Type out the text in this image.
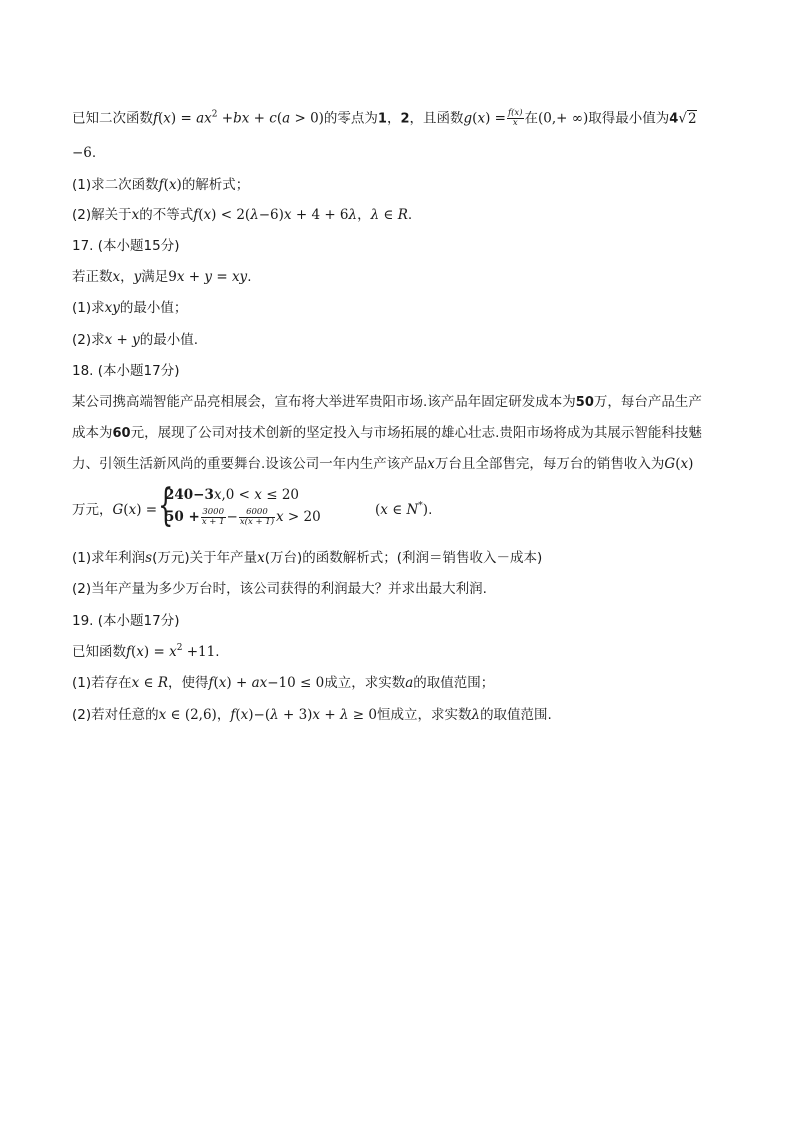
已知二次函数$f(x) = ax^2 +bx + c(a > 0)$的零点为1，2，且函数$g(x) = \frac{f(x)}{x}$ 在(0,+ ∞)取得最小值为4√2
−6.
(1)求二次函数f(x)的解析式；
(2)解关于x的不等式f(x) < 2(λ−6)x + 4 + 6λ，λ ∈ R.
17. (本小题15分)
若正数x，y满足9x + y = xy.
(1)求xy的最小值；
(2)求x + y的最小值.
18. (本小题17分)
某公司携高端智能产品亮相展会，宣布将大举进军贵阳市场.该产品年固定研发成本为50万，每台产品生产
成本为60元，展现了公司对技术创新的坚定投入与市场拓展的雄心壮志.贵阳市场将成为其展示智能科技魅
力、引领生活新风尚的重要舞台.设该公司一年内生产该产品x万台且全部售完，每万台的销售收入为G(x)
万元，G(x) = {
240−3x,0 < x ≤ 20
$50 + \frac{3000}{x + 1} - \frac{6000}{x(x + 1)}$ x > 20	(x ∈ N*).
(1)求年利润s(万元)关于年产量x(万台)的函数解析式；(利润＝销售收入－成本)
(2)当年产量为多少万台时，该公司获得的利润最大？并求出最大利润.
19. (本小题17分)
已知函数$f(x) = x^2 +11$.
(1)若存在x ∈ R，使得f(x) + ax−10 ≤ 0成立，求实数a的取值范围；
(2)若对任意的x ∈ (2,6)，f(x)−(λ + 3)x + λ ≥ 0恒成立，求实数λ的取值范围.
